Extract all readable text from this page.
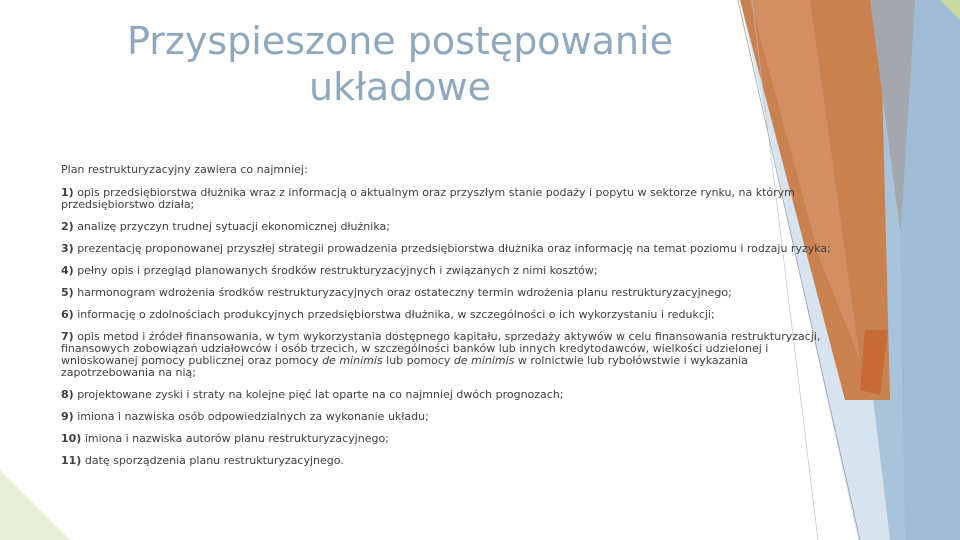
Przyspieszone postępowanie układowe
Plan restrukturyzacyjny zawiera co najmniej:
1) opis przedsiębiorstwa dłużnika wraz z informacją o aktualnym oraz przyszłym stanie podaży i popytu w sektorze rynku, na którym przedsiębiorstwo działa;
2) analizę przyczyn trudnej sytuacji ekonomicznej dłużnika;
3) prezentację proponowanej przyszłej strategii prowadzenia przedsiębiorstwa dłużnika oraz informację na temat poziomu i rodzaju ryzyka;
4) pełny opis i przegląd planowanych środków restrukturyzacyjnych i związanych z nimi kosztów;
5) harmonogram wdrożenia środków restrukturyzacyjnych oraz ostateczny termin wdrożenia planu restrukturyzacyjnego;
6) informację o zdolnościach produkcyjnych przedsiębiorstwa dłużnika, w szczególności o ich wykorzystaniu i redukcji;
7) opis metod i źródeł finansowania, w tym wykorzystania dostępnego kapitału, sprzedaży aktywów w celu finansowania restrukturyzacji, finansowych zobowiązań udziałowców i osób trzecich, w szczególności banków lub innych kredytodawców, wielkości udzielonej i wnioskowanej pomocy publicznej oraz pomocy de minimis lub pomocy de minimis w rolnictwie lub rybołówstwie i wykazania zapotrzebowania na nią;
8) projektowane zyski i straty na kolejne pięć lat oparte na co najmniej dwóch prognozach;
9) imiona i nazwiska osób odpowiedzialnych za wykonanie układu;
10) imiona i nazwiska autorów planu restrukturyzacyjnego;
11) datę sporządzenia planu restrukturyzacyjnego.
